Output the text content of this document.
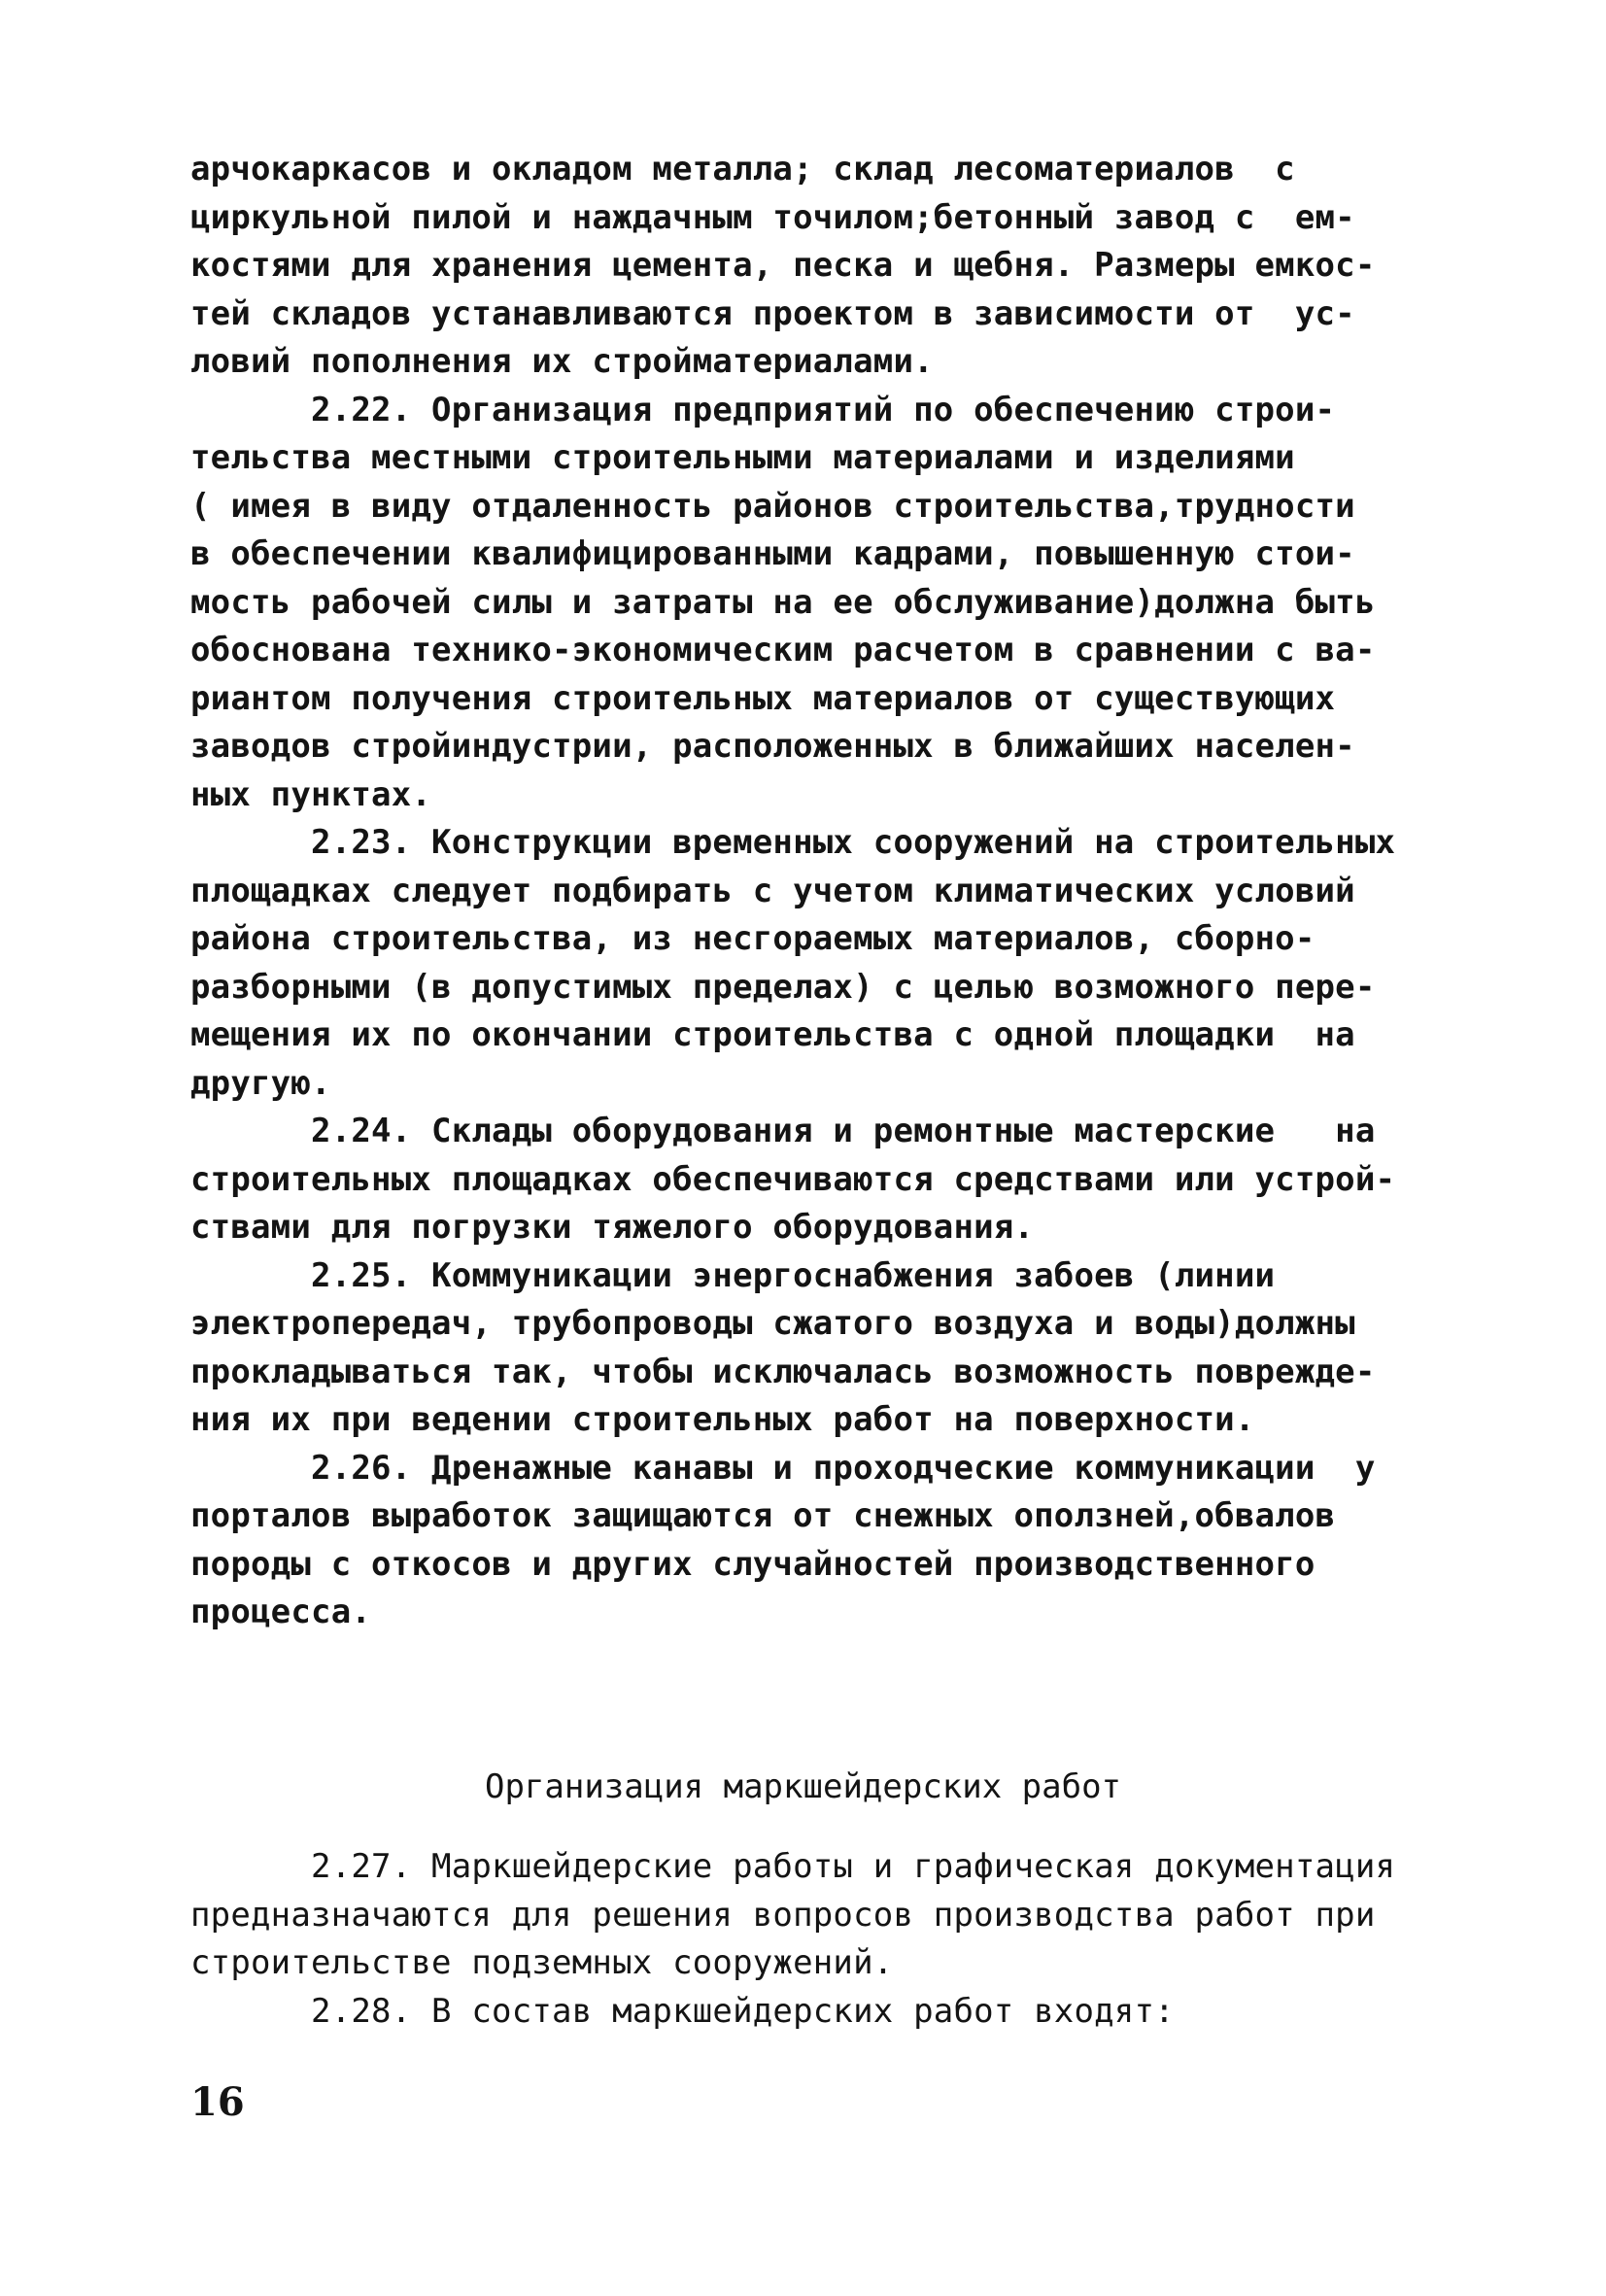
арчокаркасов и окладом металла; склад лесоматериалов  с

циркульной пилой и наждачным точилом;бетонный завод с  ем-

костями для хранения цемента, песка и щебня. Размеры емкос-

тей складов устанавливаются проектом в зависимости от  ус-

ловий пополнения их стройматериалами.

2.22. Организация предприятий по обеспечению строи-

тельства местными строительными материалами и изделиями

( имея в виду отдаленность районов строительства,трудности

в обеспечении квалифицированными кадрами, повышенную стои-

мость рабочей силы и затраты на ее обслуживание)должна быть

обоснована технико-экономическим расчетом в сравнении с ва-

риантом получения строительных материалов от существующих

заводов стройиндустрии, расположенных в ближайших населен-

ных пунктах.

2.23. Конструкции временных сооружений на строительных

площадках следует подбирать с учетом климатических условий

района строительства, из несгораемых материалов, сборно-

разборными (в допустимых пределах) с целью возможного пере-

мещения их по окончании строительства с одной площадки  на

другую.

2.24. Склады оборудования и ремонтные мастерские   на

строительных площадках обеспечиваются средствами или устрой-

ствами для погрузки тяжелого оборудования.

2.25. Коммуникации энергоснабжения забоев (линии

электропередач, трубопроводы сжатого воздуха и воды)должны

прокладываться так, чтобы исключалась возможность поврежде-

ния их при ведении строительных работ на поверхности.

2.26. Дренажные канавы и проходческие коммуникации  у

порталов выработок защищаются от снежных оползней,обвалов

породы с откосов и других случайностей производственного

процесса.

Организация маркшейдерских работ

2.27. Маркшейдерские работы и графическая документация

предназначаются для решения вопросов производства работ при

строительстве подземных сооружений.

2.28. В состав маркшейдерских работ входят:

16
